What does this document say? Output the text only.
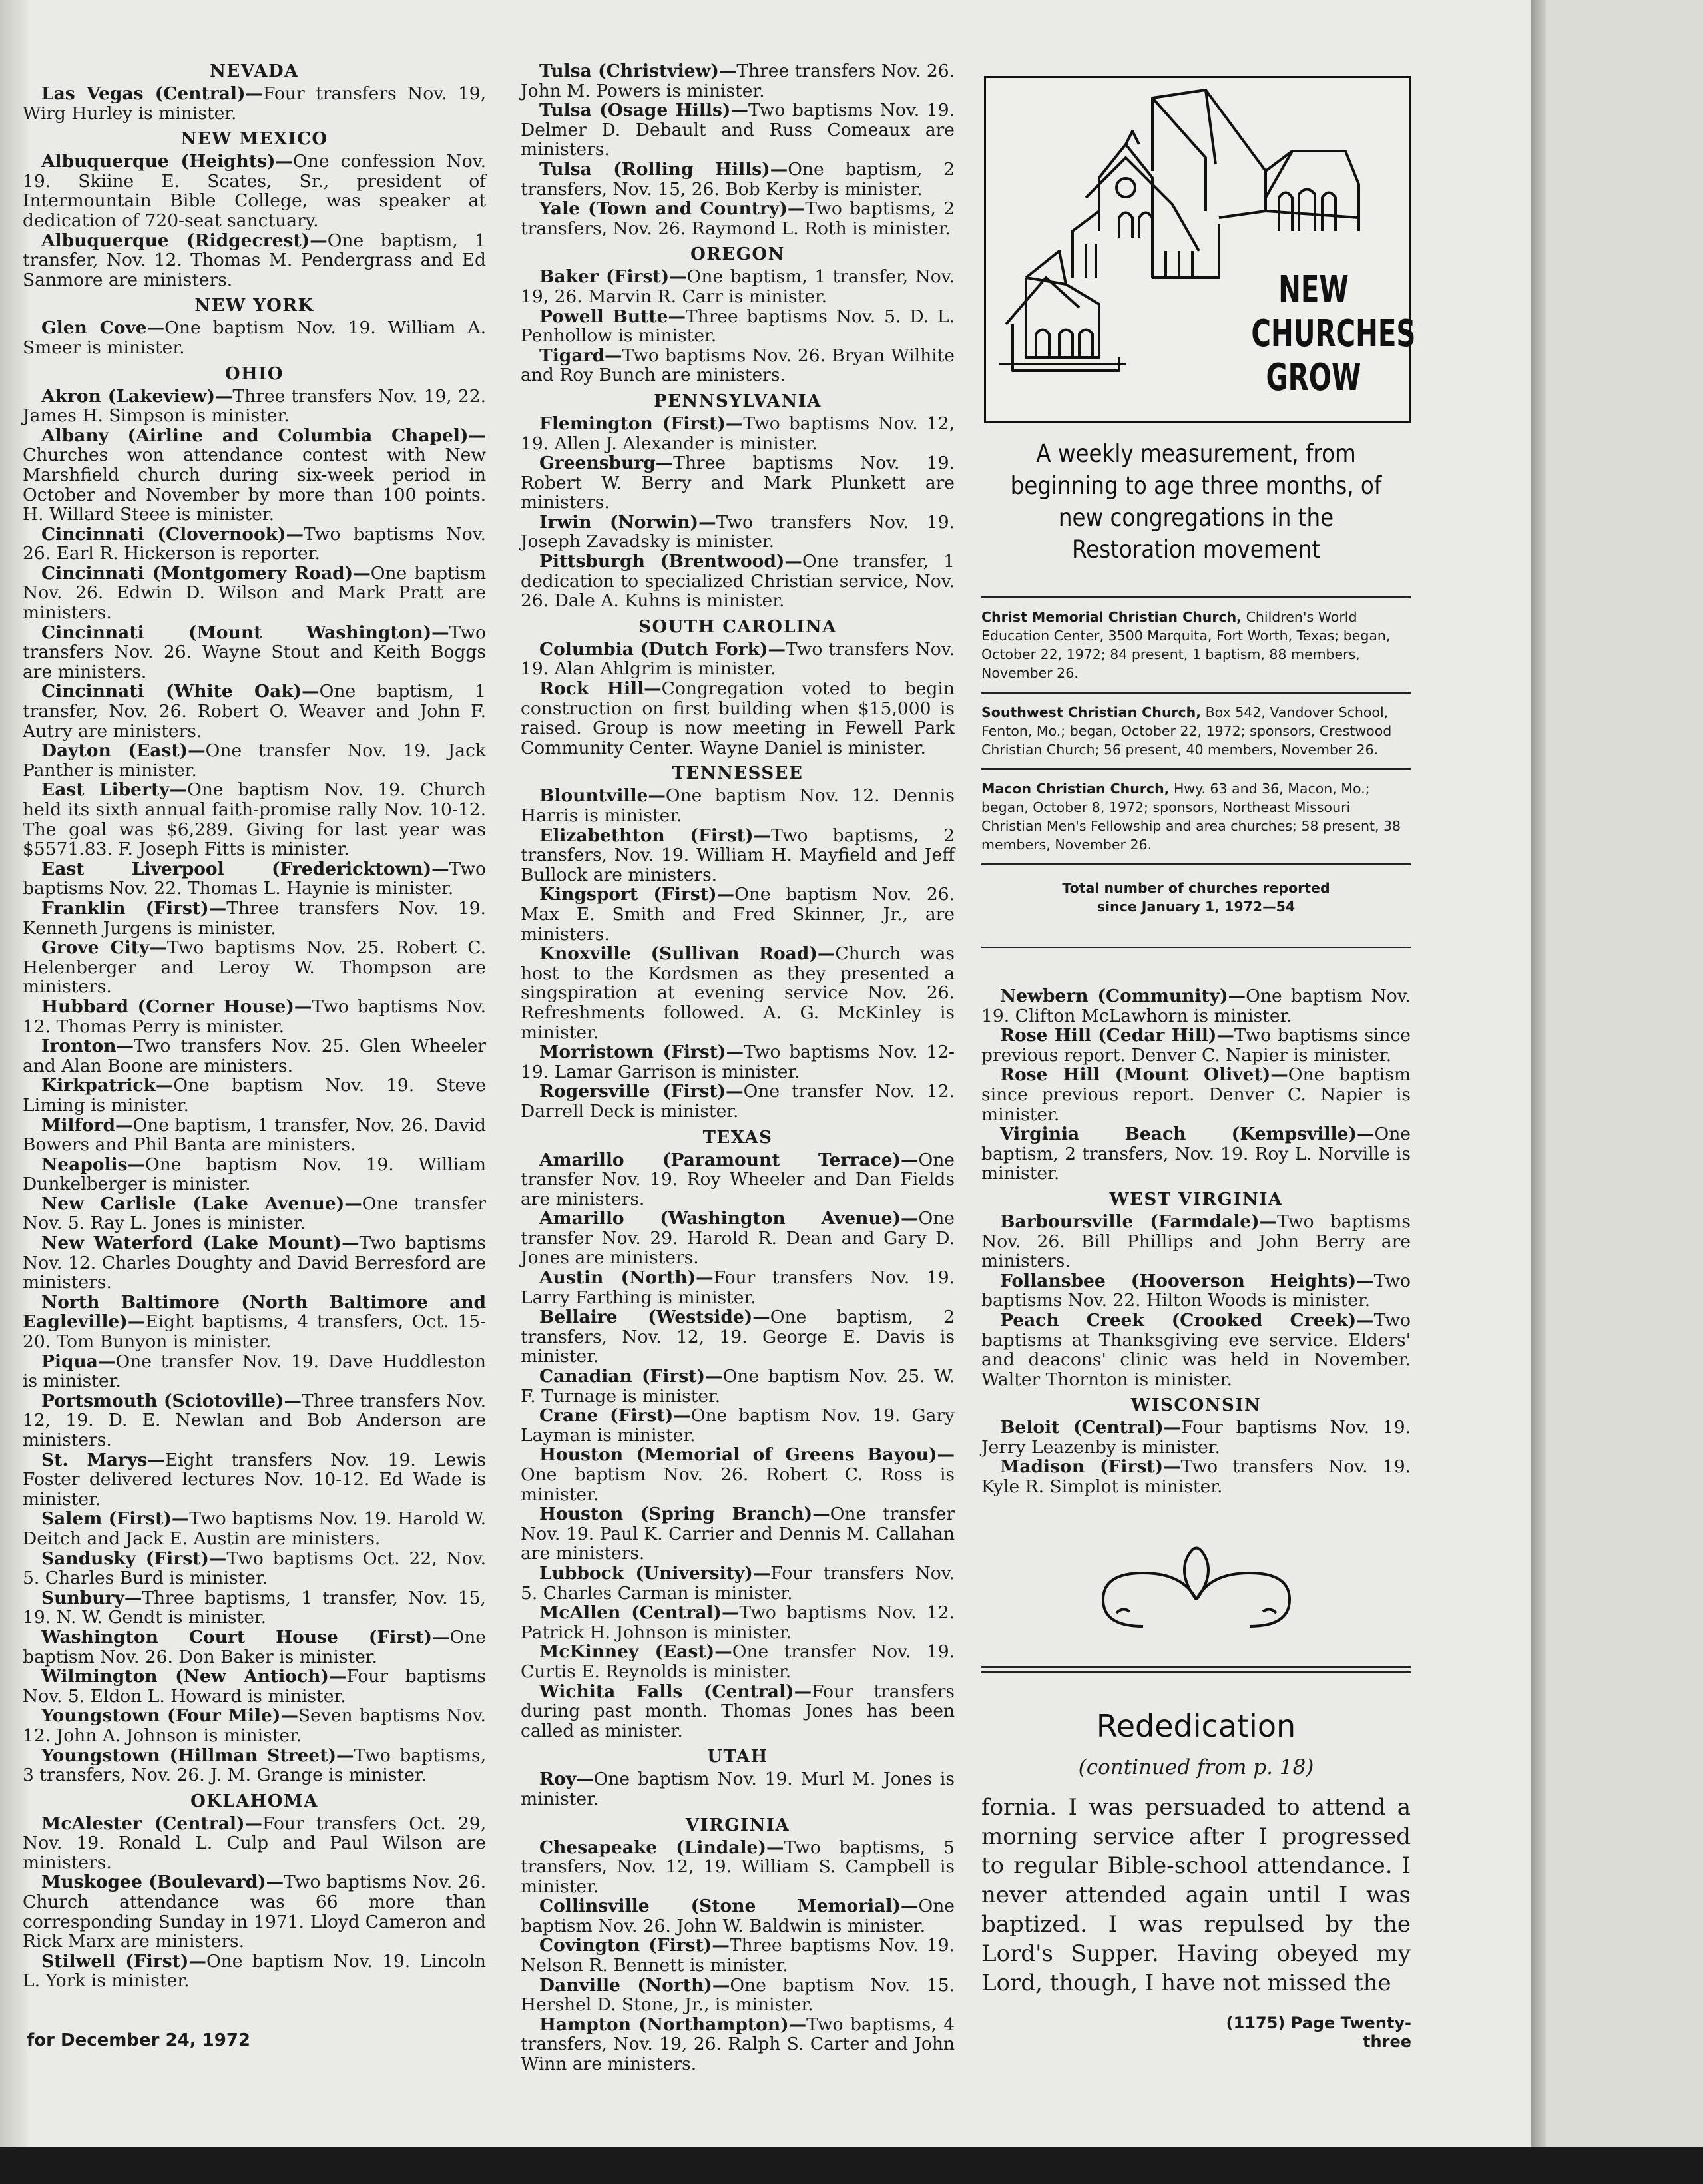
NEVADA

Las Vegas (Central)—Four transfers Nov. 19, Wirg Hurley is minister.

NEW MEXICO

Albuquerque (Heights)—One confession Nov. 19. Skiine E. Scates, Sr., president of Intermountain Bible College, was speaker at dedication of 720-seat sanctuary.

Albuquerque (Ridgecrest)—One baptism, 1 transfer, Nov. 12. Thomas M. Pendergrass and Ed Sanmore are ministers.

NEW YORK

Glen Cove—One baptism Nov. 19. William A. Smeer is minister.

OHIO

Akron (Lakeview)—Three transfers Nov. 19, 22. James H. Simpson is minister.

Albany (Airline and Columbia Chapel)—Churches won attendance contest with New Marshfield church during six-week period in October and November by more than 100 points. H. Willard Steee is minister.

Cincinnati (Clovernook)—Two baptisms Nov. 26. Earl R. Hickerson is reporter.

Cincinnati (Montgomery Road)—One baptism Nov. 26. Edwin D. Wilson and Mark Pratt are ministers.

Cincinnati (Mount Washington)—Two transfers Nov. 26. Wayne Stout and Keith Boggs are ministers.

Cincinnati (White Oak)—One baptism, 1 transfer, Nov. 26. Robert O. Weaver and John F. Autry are ministers.

Dayton (East)—One transfer Nov. 19. Jack Panther is minister.

East Liberty—One baptism Nov. 19. Church held its sixth annual faith-promise rally Nov. 10-12. The goal was $6,289. Giving for last year was $5571.83. F. Joseph Fitts is minister.

East Liverpool (Fredericktown)—Two baptisms Nov. 22. Thomas L. Haynie is minister.

Franklin (First)—Three transfers Nov. 19. Kenneth Jurgens is minister.

Grove City—Two baptisms Nov. 25. Robert C. Helenberger and Leroy W. Thompson are ministers.

Hubbard (Corner House)—Two baptisms Nov. 12. Thomas Perry is minister.

Ironton—Two transfers Nov. 25. Glen Wheeler and Alan Boone are ministers.

Kirkpatrick—One baptism Nov. 19. Steve Liming is minister.

Milford—One baptism, 1 transfer, Nov. 26. David Bowers and Phil Banta are ministers.

Neapolis—One baptism Nov. 19. William Dunkelberger is minister.

New Carlisle (Lake Avenue)—One transfer Nov. 5. Ray L. Jones is minister.

New Waterford (Lake Mount)—Two baptisms Nov. 12. Charles Doughty and David Berresford are ministers.

North Baltimore (North Baltimore and Eagleville)—Eight baptisms, 4 transfers, Oct. 15-20. Tom Bunyon is minister.

Piqua—One transfer Nov. 19. Dave Huddleston is minister.

Portsmouth (Sciotoville)—Three transfers Nov. 12, 19. D. E. Newlan and Bob Anderson are ministers.

St. Marys—Eight transfers Nov. 19. Lewis Foster delivered lectures Nov. 10-12. Ed Wade is minister.

Salem (First)—Two baptisms Nov. 19. Harold W. Deitch and Jack E. Austin are ministers.

Sandusky (First)—Two baptisms Oct. 22, Nov. 5. Charles Burd is minister.

Sunbury—Three baptisms, 1 transfer, Nov. 15, 19. N. W. Gendt is minister.

Washington Court House (First)—One baptism Nov. 26. Don Baker is minister.

Wilmington (New Antioch)—Four baptisms Nov. 5. Eldon L. Howard is minister.

Youngstown (Four Mile)—Seven baptisms Nov. 12. John A. Johnson is minister.

Youngstown (Hillman Street)—Two baptisms, 3 transfers, Nov. 26. J. M. Grange is minister.

OKLAHOMA

McAlester (Central)—Four transfers Oct. 29, Nov. 19. Ronald L. Culp and Paul Wilson are ministers.

Muskogee (Boulevard)—Two baptisms Nov. 26. Church attendance was 66 more than corresponding Sunday in 1971. Lloyd Cameron and Rick Marx are ministers.

Stilwell (First)—One baptism Nov. 19. Lincoln L. York is minister.

Tulsa (Christview)—Three transfers Nov. 26. John M. Powers is minister.

Tulsa (Osage Hills)—Two baptisms Nov. 19. Delmer D. Debault and Russ Comeaux are ministers.

Tulsa (Rolling Hills)—One baptism, 2 transfers, Nov. 15, 26. Bob Kerby is minister.

Yale (Town and Country)—Two baptisms, 2 transfers, Nov. 26. Raymond L. Roth is minister.

OREGON

Baker (First)—One baptism, 1 transfer, Nov. 19, 26. Marvin R. Carr is minister.

Powell Butte—Three baptisms Nov. 5. D. L. Penhollow is minister.

Tigard—Two baptisms Nov. 26. Bryan Wilhite and Roy Bunch are ministers.

PENNSYLVANIA

Flemington (First)—Two baptisms Nov. 12, 19. Allen J. Alexander is minister.

Greensburg—Three baptisms Nov. 19. Robert W. Berry and Mark Plunkett are ministers.

Irwin (Norwin)—Two transfers Nov. 19. Joseph Zavadsky is minister.

Pittsburgh (Brentwood)—One transfer, 1 dedication to specialized Christian service, Nov. 26. Dale A. Kuhns is minister.

SOUTH CAROLINA

Columbia (Dutch Fork)—Two transfers Nov. 19. Alan Ahlgrim is minister.

Rock Hill—Congregation voted to begin construction on first building when $15,000 is raised. Group is now meeting in Fewell Park Community Center. Wayne Daniel is minister.

TENNESSEE

Blountville—One baptism Nov. 12. Dennis Harris is minister.

Elizabethton (First)—Two baptisms, 2 transfers, Nov. 19. William H. Mayfield and Jeff Bullock are ministers.

Kingsport (First)—One baptism Nov. 26. Max E. Smith and Fred Skinner, Jr., are ministers.

Knoxville (Sullivan Road)—Church was host to the Kordsmen as they presented a singspiration at evening service Nov. 26. Refreshments followed. A. G. McKinley is minister.

Morristown (First)—Two baptisms Nov. 12-19. Lamar Garrison is minister.

Rogersville (First)—One transfer Nov. 12. Darrell Deck is minister.

TEXAS

Amarillo (Paramount Terrace)—One transfer Nov. 19. Roy Wheeler and Dan Fields are ministers.

Amarillo (Washington Avenue)—One transfer Nov. 29. Harold R. Dean and Gary D. Jones are ministers.

Austin (North)—Four transfers Nov. 19. Larry Farthing is minister.

Bellaire (Westside)—One baptism, 2 transfers, Nov. 12, 19. George E. Davis is minister.

Canadian (First)—One baptism Nov. 25. W. F. Turnage is minister.

Crane (First)—One baptism Nov. 19. Gary Layman is minister.

Houston (Memorial of Greens Bayou)—One baptism Nov. 26. Robert C. Ross is minister.

Houston (Spring Branch)—One transfer Nov. 19. Paul K. Carrier and Dennis M. Callahan are ministers.

Lubbock (University)—Four transfers Nov. 5. Charles Carman is minister.

McAllen (Central)—Two baptisms Nov. 12. Patrick H. Johnson is minister.

McKinney (East)—One transfer Nov. 19. Curtis E. Reynolds is minister.

Wichita Falls (Central)—Four transfers during past month. Thomas Jones has been called as minister.

UTAH

Roy—One baptism Nov. 19. Murl M. Jones is minister.

VIRGINIA

Chesapeake (Lindale)—Two baptisms, 5 transfers, Nov. 12, 19. William S. Campbell is minister.

Collinsville (Stone Memorial)—One baptism Nov. 26. John W. Baldwin is minister.

Covington (First)—Three baptisms Nov. 19. Nelson R. Bennett is minister.

Danville (North)—One baptism Nov. 15. Hershel D. Stone, Jr., is minister.

Hampton (Northampton)—Two baptisms, 4 transfers, Nov. 19, 26. Ralph S. Carter and John Winn are ministers.

NEW
CHURCHES
GROW
A weekly measurement, from beginning to age three months, of new congregations in the Restoration movement
Christ Memorial Christian Church, Children's World Education Center, 3500 Marquita, Fort Worth, Texas; began, October 22, 1972; 84 present, 1 baptism, 88 members, November 26.
Southwest Christian Church, Box 542, Vandover School, Fenton, Mo.; began, October 22, 1972; sponsors, Crestwood Christian Church; 56 present, 40 members, November 26.
Macon Christian Church, Hwy. 63 and 36, Macon, Mo.; began, October 8, 1972; sponsors, Northeast Missouri Christian Men's Fellowship and area churches; 58 present, 38 members, November 26.
Total number of churches reported
since January 1, 1972—54

Newbern (Community)—One baptism Nov. 19. Clifton McLawhorn is minister.

Rose Hill (Cedar Hill)—Two baptisms since previous report. Denver C. Napier is minister.

Rose Hill (Mount Olivet)—One baptism since previous report. Denver C. Napier is minister.

Virginia Beach (Kempsville)—One baptism, 2 transfers, Nov. 19. Roy L. Norville is minister.

WEST VIRGINIA

Barboursville (Farmdale)—Two baptisms Nov. 26. Bill Phillips and John Berry are ministers.

Follansbee (Hooverson Heights)—Two baptisms Nov. 22. Hilton Woods is minister.

Peach Creek (Crooked Creek)—Two baptisms at Thanksgiving eve service. Elders' and deacons' clinic was held in November. Walter Thornton is minister.

WISCONSIN

Beloit (Central)—Four baptisms Nov. 19. Jerry Leazenby is minister.

Madison (First)—Two transfers Nov. 19. Kyle R. Simplot is minister.

Rededication
(continued from p. 18)

fornia. I was persuaded to attend a morning service after I progressed to regular Bible-school attendance. I never attended again until I was baptized. I was repulsed by the Lord's Supper. Having obeyed my Lord, though, I have not missed the

for December 24, 1972
(1175) Page Twenty-three
